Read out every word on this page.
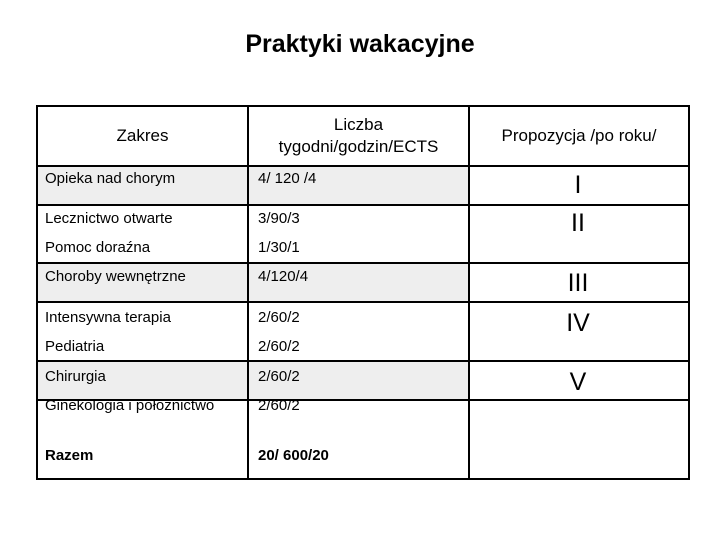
Praktyki wakacyjne
Zakres
Liczba
tygodni/godzin/ECTS
Propozycja /po roku/
Opieka nad chorym
Lecznictwo otwarte
Pomoc doraźna
Choroby wewnętrzne
Intensywna terapia
Pediatria
Chirurgia
Ginekologia i położnictwo
Razem
4/ 120 /4
3/90/3
1/30/1
4/120/4
2/60/2
2/60/2
2/60/2
2/60/2
20/ 600/20
I
II
III
IV
V
